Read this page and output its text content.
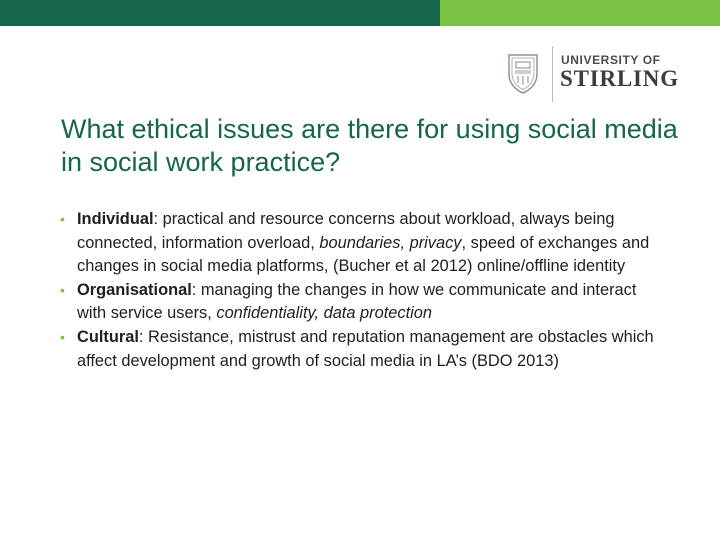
UNIVERSITY OF
STIRLING
What ethical issues are there for using social media in social work practice?
• Individual: practical and resource concerns about workload, always being connected, information overload, boundaries, privacy, speed of exchanges and changes in social media platforms, (Bucher et al 2012) online/offline identity
• Organisational: managing the changes in how we communicate and interact with service users, confidentiality, data protection
• Cultural: Resistance, mistrust and reputation management are obstacles which affect development and growth of social media in LA’s (BDO 2013)
